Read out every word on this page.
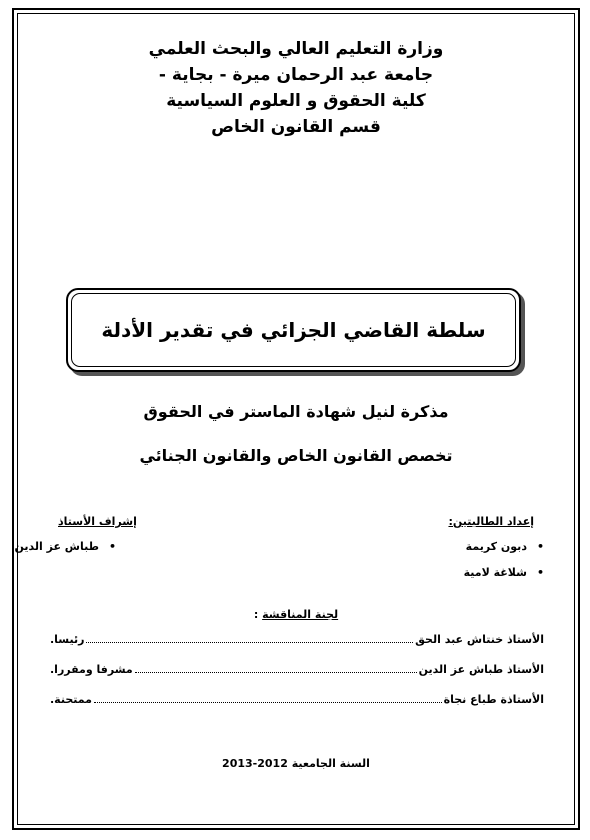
وزارة التعليم العالي والبحث العلمي
جامعة عبد الرحمان ميرة - بجاية -
كلية الحقوق و العلوم السياسية
قسم القانون الخاص
سلطة القاضي الجزائي في تقدير الأدلة
مذكرة لنيل شهادة الماستر في الحقوق
تخصص القانون الخاص والقانون الجنائي
إعداد الطالبتين:
• دبون كريمة
• شلاغة لامية
إشراف الأستاذ
• طباش عز الدين
لجنة المناقشة :
الأستاذ خنتاش عبد الحق
رئيسا.
الأستاذ طباش عز الدين
مشرفا ومقررا.
الأستاذة طباع نجاة
ممتحنة.
السنة الجامعية 2012-2013
